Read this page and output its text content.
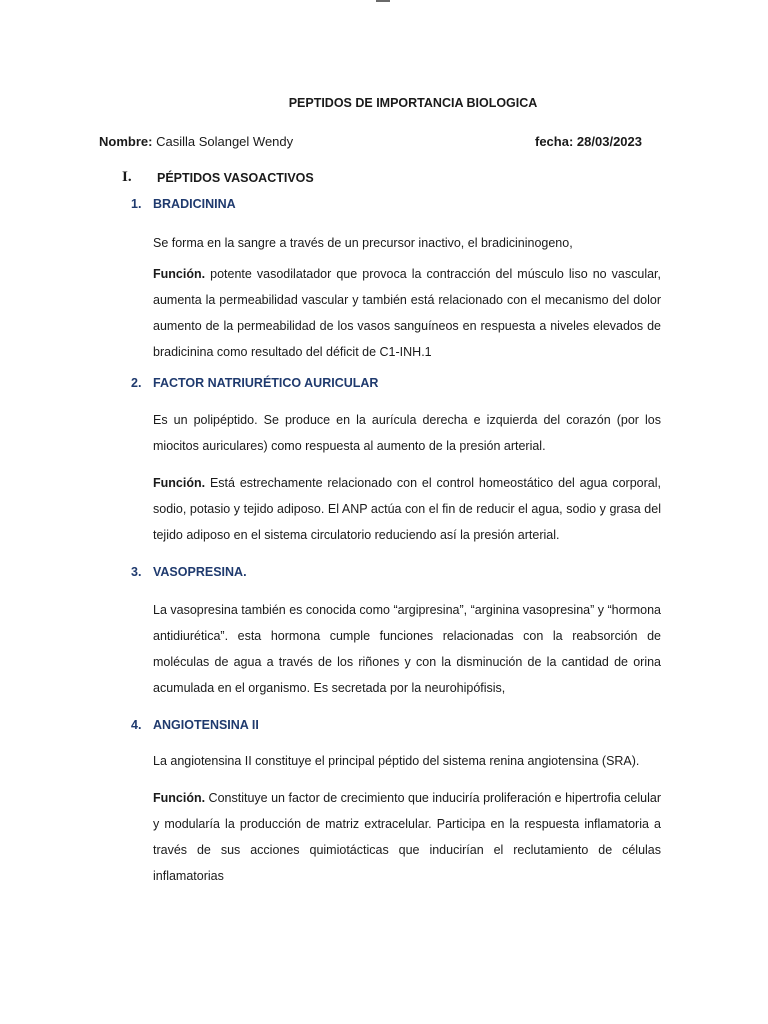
PEPTIDOS DE IMPORTANCIA BIOLOGICA
Nombre: Casilla Solangel Wendy	fecha: 28/03/2023
I. PÉPTIDOS VASOACTIVOS
1. BRADICININA
Se forma en la sangre a través de un precursor inactivo, el bradicininogeno,
Función. potente vasodilatador que provoca la contracción del músculo liso no vascular, aumenta la permeabilidad vascular y también está relacionado con el mecanismo del dolor aumento de la permeabilidad de los vasos sanguíneos en respuesta a niveles elevados de bradicinina como resultado del déficit de C1-INH.1
2. FACTOR NATRIURÉTICO AURICULAR
Es un polipéptido. Se produce en la aurícula derecha e izquierda del corazón (por los miocitos auriculares) como respuesta al aumento de la presión arterial.
Función. Está estrechamente relacionado con el control homeostático del agua corporal, sodio, potasio y tejido adiposo. El ANP actúa con el fin de reducir el agua, sodio y grasa del tejido adiposo en el sistema circulatorio reduciendo así la presión arterial.
3. VASOPRESINA.
La vasopresina también es conocida como “argipresina”, “arginina vasopresina” y “hormona antidiurética”. esta hormona cumple funciones relacionadas con la reabsorción de moléculas de agua a través de los riñones y con la disminución de la cantidad de orina acumulada en el organismo. Es secretada por la neurohipófisis,
4. ANGIOTENSINA II
La angiotensina II constituye el principal péptido del sistema renina angiotensina (SRA).
Función. Constituye un factor de crecimiento que induciría proliferación e hipertrofia celular y modularía la producción de matriz extracelular. Participa en la respuesta inflamatoria a través de sus acciones quimiotácticas que inducirían el reclutamiento de células inflamatorias
